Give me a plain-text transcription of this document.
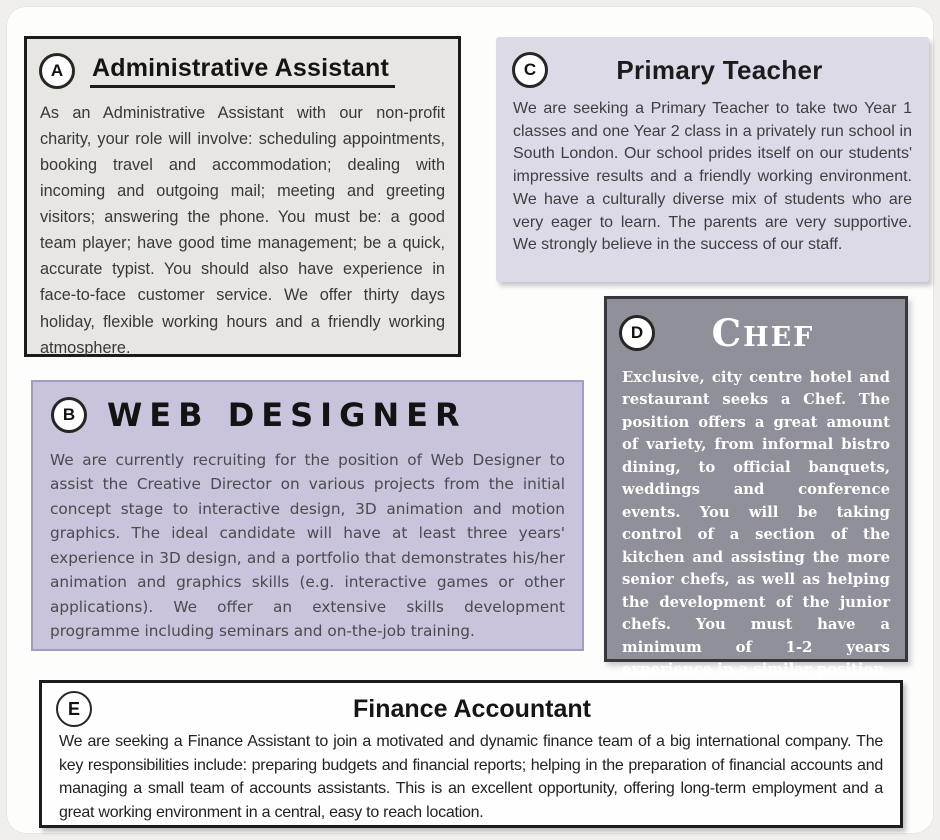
A Administrative Assistant

As an Administrative Assistant with our non-profit charity, your role will involve: scheduling appointments, booking travel and accommodation; dealing with incoming and outgoing mail; meeting and greeting visitors; answering the phone. You must be: a good team player; have good time management; be a quick, accurate typist. You should also have experience in face-to-face customer service. We offer thirty days holiday, flexible working hours and a friendly working atmosphere.

C	Primary Teacher

We are seeking a Primary Teacher to take two Year 1 classes and one Year 2 class in a privately run school in South London. Our school prides itself on our students' impressive results and a friendly working environment. We have a culturally diverse mix of students who are very eager to learn. The parents are very supportive. We strongly believe in the success of our staff.

B WEB DESIGNER

We are currently recruiting for the position of Web Designer to assist the Creative Director on various projects from the initial concept stage to interactive design, 3D animation and motion graphics. The ideal candidate will have at least three years' experience in 3D design, and a portfolio that demonstrates his/her animation and graphics skills (e.g. interactive games or other applications). We offer an extensive skills development programme including seminars and on-the-job training.

D	CHEF

Exclusive, city centre hotel and restaurant seeks a Chef. The position offers a great amount of variety, from informal bistro dining, to official banquets, weddings and conference events. You will be taking control of a section of the kitchen and assisting the more senior chefs, as well as helping the development of the junior chefs. You must have a minimum of 1-2 years experience in a similar position.

E	Finance Accountant

We are seeking a Finance Assistant to join a motivated and dynamic finance team of a big international company. The key responsibilities include: preparing budgets and financial reports; helping in the preparation of financial accounts and managing a small team of accounts assistants. This is an excellent opportunity, offering long-term employment and a great working environment in a central, easy to reach location.
